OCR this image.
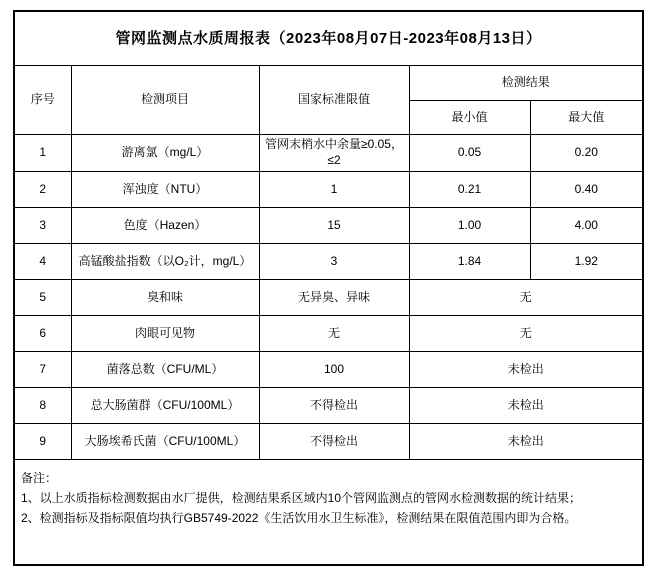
管网监测点水质周报表（2023年08月07日-2023年08月13日）				
序号	检测项目	国家标准限值	检测结果	
			最小值	最大值
1	游离氯（mg/L）	管网末梢水中余量≥0.05，≤2	0.05	0.20
2	浑浊度（NTU）	1	0.21	0.40
3	色度（Hazen）	15	1.00	4.00
4	高锰酸盐指数（以O₂计，mg/L）	3	1.84	1.92
5	臭和味	无异臭、异味	无	
6	肉眼可见物	无	无	
7	菌落总数（CFU/ML）	100	未检出	
8	总大肠菌群（CFU/100ML）	不得检出	未检出	
9	大肠埃希氏菌（CFU/100ML）	不得检出	未检出	

备注：
1、以上水质指标检测数据由水厂提供，检测结果系区域内10个管网监测点的管网水检测数据的统计结果；
2、检测指标及指标限值均执行GB5749-2022《生活饮用水卫生标准》，检测结果在限值范围内即为合格。				
